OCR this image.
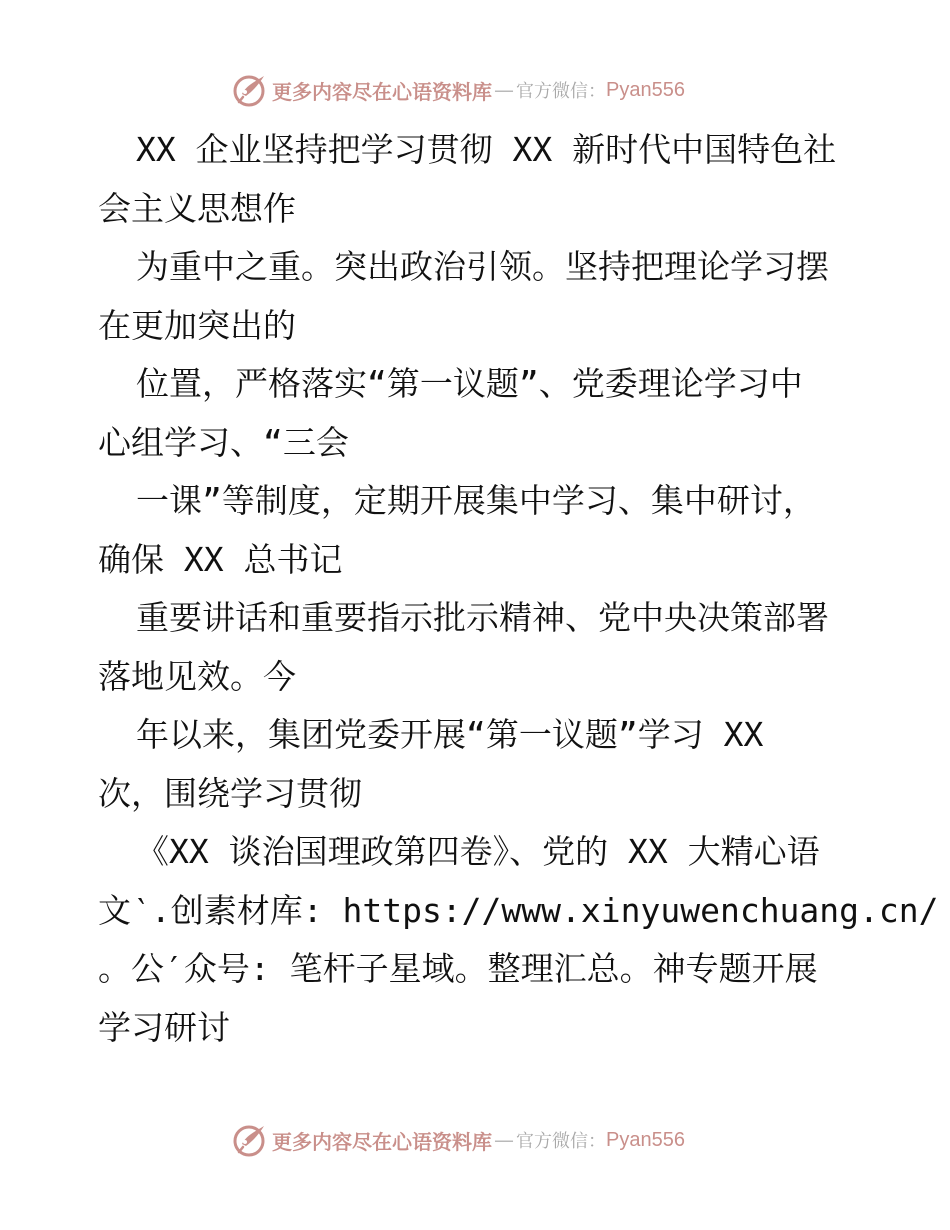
更多内容尽在心语资料库 — 官方微信： Pyan556
XX 企业坚持把学习贯彻 XX 新时代中国特色社
会主义思想作
为重中之重。突出政治引领。坚持把理论学习摆
在更加突出的
位置，严格落实“第一议题”、党委理论学习中
心组学习、“三会
一课”等制度，定期开展集中学习、集中研讨，
确保 XX 总书记
重要讲话和重要指示批示精神、党中央决策部署
落地见效。今
年以来，集团党委开展“第一议题”学习 XX
次，围绕学习贯彻
《XX 谈治国理政第四卷》、党的 XX 大精心语
文‵.创素材库: https://www.xinyuwenchuang.cn/
。公′众号: 笔杆子星域。整理汇总。神专题开展
学习研讨
更多内容尽在心语资料库 — 官方微信： Pyan556
